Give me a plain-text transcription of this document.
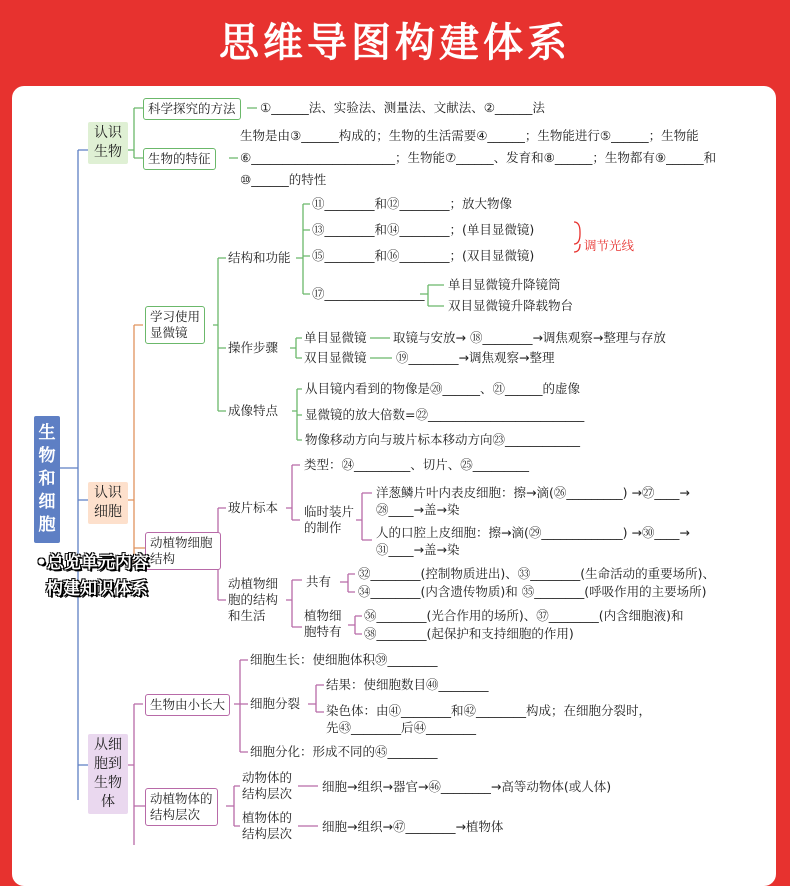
思维导图构建体系
生物和细胞
认识
生物
科学探究的方法	①______法、实验法、测量法、文献法、②______法
生物的特征
生物是由③______构成的；生物的生活需要④______；生物能进行⑤______；生物能
⑥_______________________；生物能⑦______、发育和⑧______；生物都有⑨______和
⑩______的特性
认识
细胞
学习使用
显微镜
结构和功能
⑪________和⑫________；放大物像
⑬________和⑭________；(单目显微镜)
⑮________和⑯________；(双目显微镜)
调节光线
⑰________________
单目显微镜升降镜筒
双目显微镜升降载物台
操作步骤
单目显微镜 取镜与安放→ ⑱________→调焦观察→整理与存放
双目显微镜 ⑲________→调焦观察→整理
成像特点
从目镜内看到的物像是⑳______、㉑______的虚像
显微镜的放大倍数=㉒_________________________
物像移动方向与玻片标本移动方向㉓____________
动植物细胞结构
玻片标本
类型：㉔_________、切片、㉕_________
临时装片
的制作
洋葱鳞片叶内表皮细胞：擦→滴(㉖_________) →㉗____→
㉘____→盖→染
人的口腔上皮细胞：擦→滴(㉙_____________) →㉚____→
㉛____→盖→染
动植物细
胞的结构
和生活
共有
㉜________(控制物质进出)、㉝________(生命活动的重要场所)、
㉞________(内含遗传物质)和 ㉟________(呼吸作用的主要场所)
植物细
胞特有
㊱________(光合作用的场所)、㊲________(内含细胞液)和
㊳________(起保护和支持细胞的作用)
从细
胞到
生物
体
生物由小长大
细胞生长：使细胞体积㊴________
细胞分裂
结果：使细胞数目㊵________
染色体：由㊶________和㊷________构成；在细胞分裂时，
先㊸________后㊹________
细胞分化：形成不同的㊺________
动植物体的
结构层次
动物体的
结构层次 细胞→组织→器官→㊻________→高等动物体(或人体)
植物体的
结构层次 细胞→组织→㊼________→植物体
•总览单元内容
构建知识体系
